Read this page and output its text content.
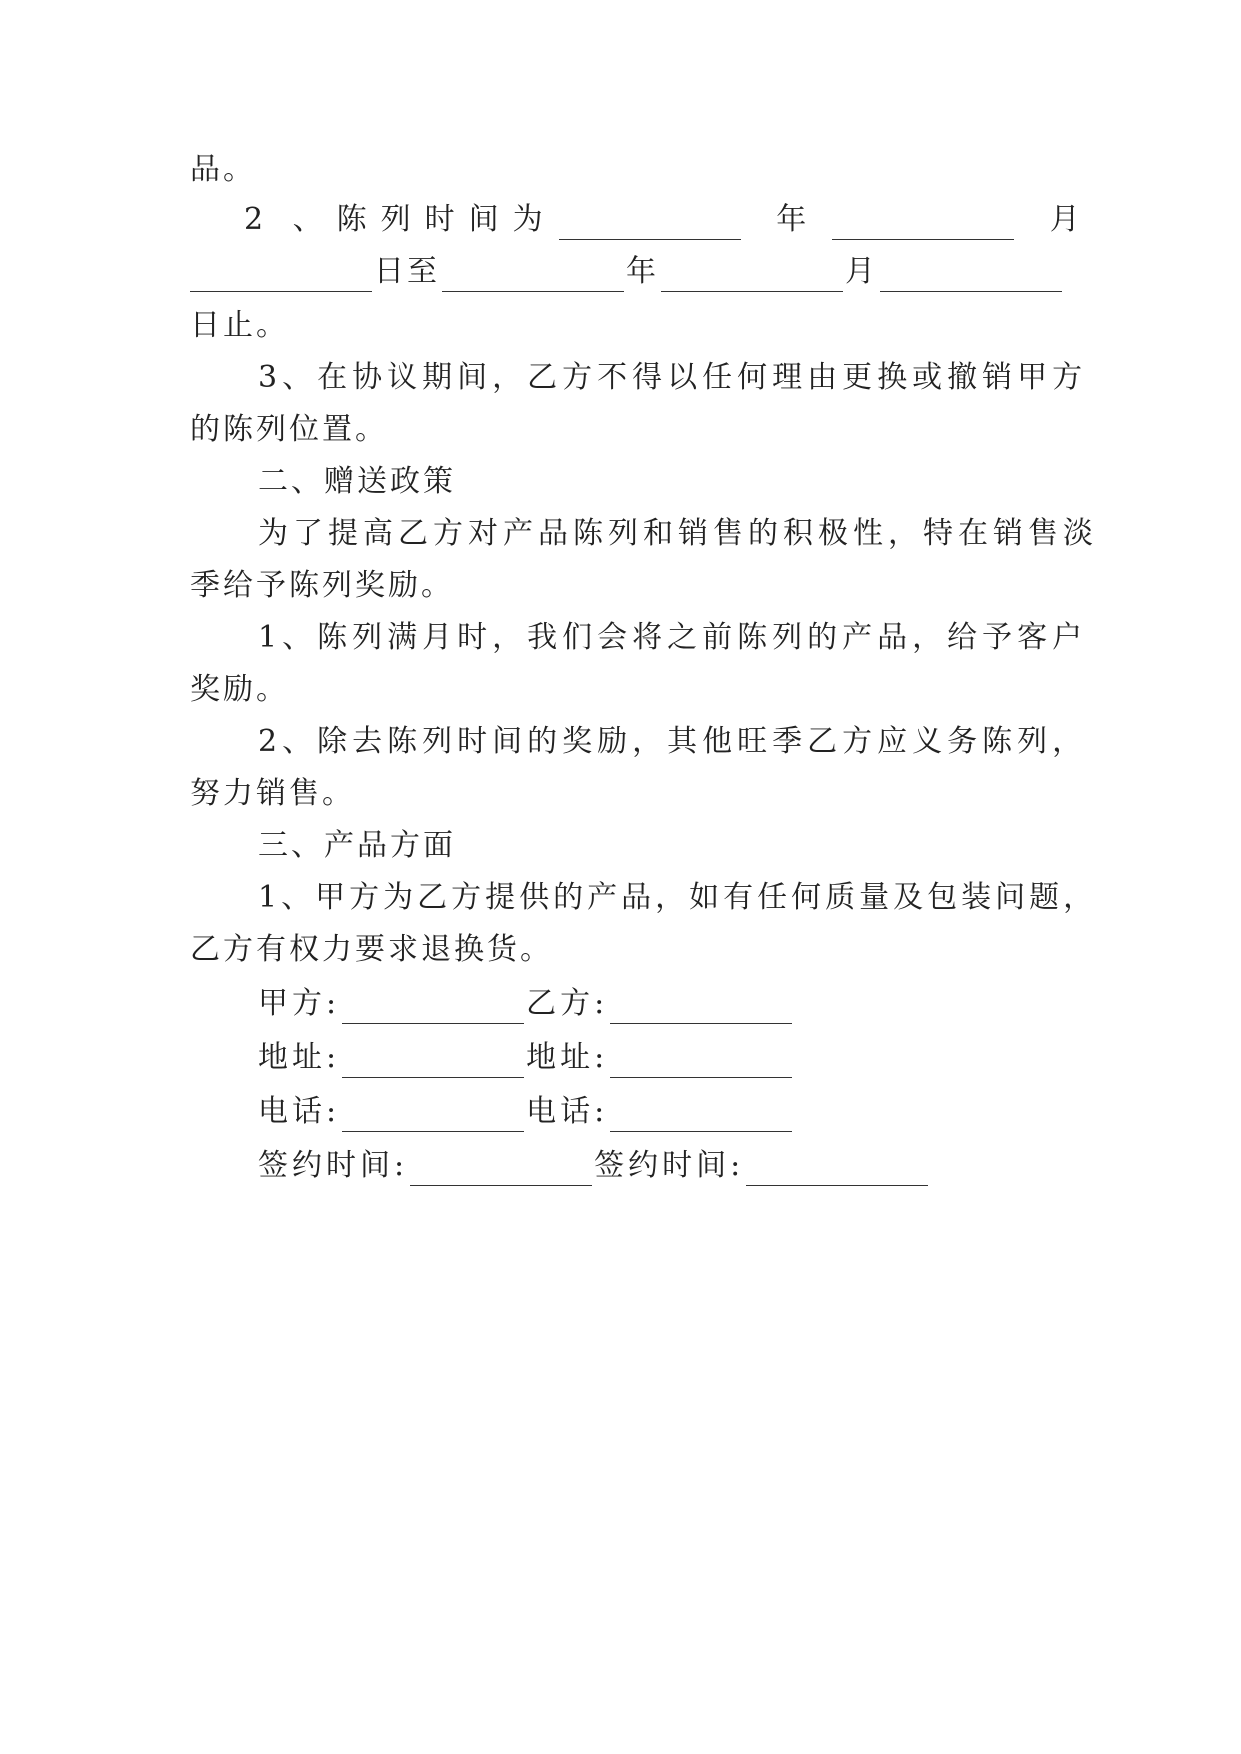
品。
2 、陈列时间为	年	月
日至	年	月
日止。
3、在协议期间，乙方不得以任何理由更换或撤销甲方
的陈列位置。
二、赠送政策
为了提高乙方对产品陈列和销售的积极性，特在销售淡
季给予陈列奖励。
1、陈列满月时，我们会将之前陈列的产品，给予客户
奖励。
2、除去陈列时间的奖励，其他旺季乙方应义务陈列，
努力销售。
三、产品方面
1、甲方为乙方提供的产品，如有任何质量及包装问题，
乙方有权力要求退换货。
甲方:	乙方:
地址:	地址:
电话:	电话:
签约时间:	签约时间:
